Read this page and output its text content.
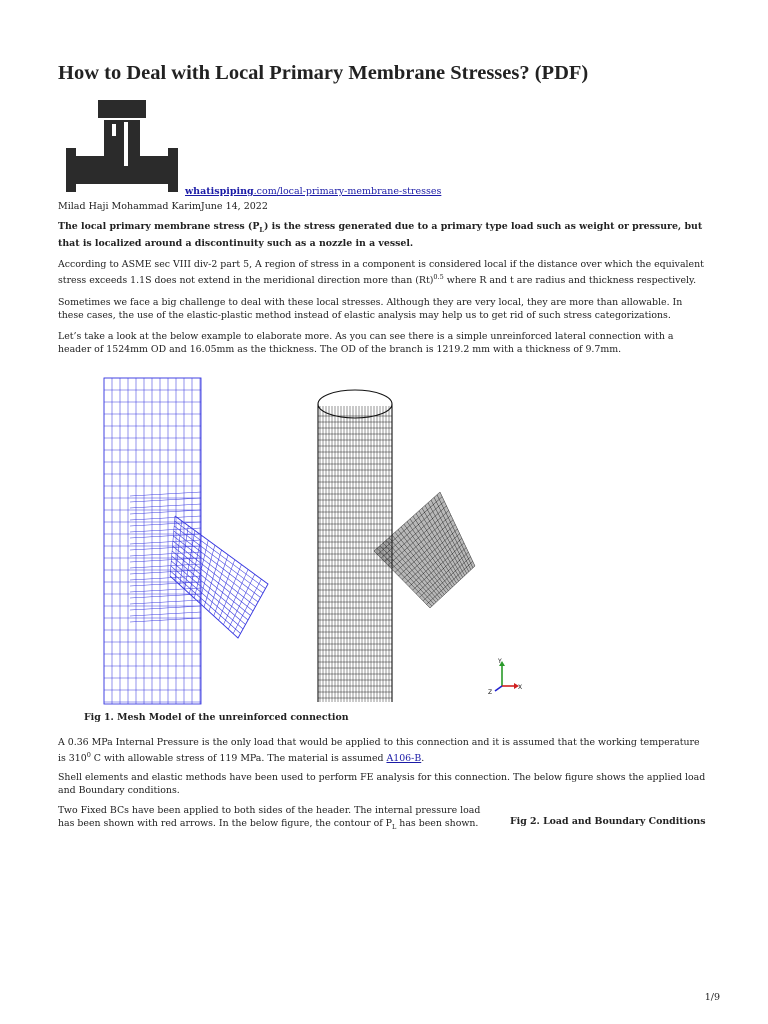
How to Deal with Local Primary Membrane Stresses? (PDF)
whatispiping.com/local-primary-membrane-stresses
Milad Haji Mohammad KarimJune 14, 2022

The local primary membrane stress $(P_L)$ is the stress generated due to a primary type load such as weight or pressure, but that is localized around a discontinuity such as a nozzle in a vessel.

According to ASME sec VIII div-2 part 5, A region of stress in a component is considered local if the distance over which the equivalent stress exceeds 1.1S does not extend in the meridional direction more than $(Rt)^{0.5}$ where R and t are radius and thickness respectively.

Sometimes we face a big challenge to deal with these local stresses. Although they are very local, they are more than allowable. In these cases, the use of the elastic-plastic method instead of elastic analysis may help us to get rid of such stress categorizations.

Let’s take a look at the below example to elaborate more. As you can see there is a simple unreinforced lateral connection with a header of 1524mm OD and 16.05mm as the thickness. The OD of the branch is 1219.2 mm with a thickness of 9.7mm.

Y
X
Z
Fig 1. Mesh Model of the unreinforced connection

A 0.36 MPa Internal Pressure is the only load that would be applied to this connection and it is assumed that the working temperature is $310^0$ C with allowable stress of 119 MPa. The material is assumed A106-B.

Shell elements and elastic methods have been used to perform FE analysis for this connection. The below figure shows the applied load and Boundary conditions.

Two Fixed BCs have been applied to both sides of the header. The internal pressure load has been shown with red arrows. In the below figure, the contour of $P_L$ has been shown.	Fig 2. Load and Boundary Conditions
1/9
